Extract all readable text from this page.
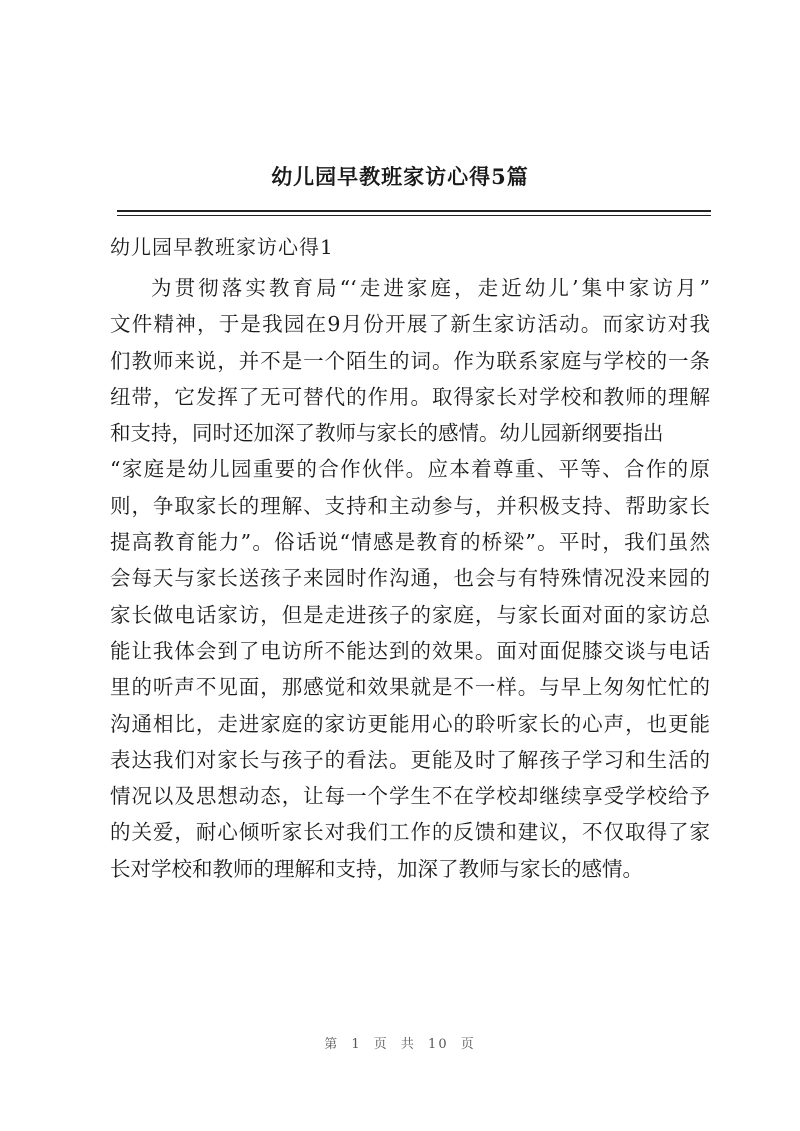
幼儿园早教班家访心得5篇
幼儿园早教班家访心得1
为贯彻落实教育局“‘走进家庭，走近幼儿’集中家访月”
文件精神，于是我园在9月份开展了新生家访活动。而家访对我
们教师来说，并不是一个陌生的词。作为联系家庭与学校的一条
纽带，它发挥了无可替代的作用。取得家长对学校和教师的理解
和支持，同时还加深了教师与家长的感情。幼儿园新纲要指出
“家庭是幼儿园重要的合作伙伴。应本着尊重、平等、合作的原
则，争取家长的理解、支持和主动参与，并积极支持、帮助家长
提高教育能力”。俗话说“情感是教育的桥梁”。平时，我们虽然
会每天与家长送孩子来园时作沟通，也会与有特殊情况没来园的
家长做电话家访，但是走进孩子的家庭，与家长面对面的家访总
能让我体会到了电访所不能达到的效果。面对面促膝交谈与电话
里的听声不见面，那感觉和效果就是不一样。与早上匆匆忙忙的
沟通相比，走进家庭的家访更能用心的聆听家长的心声，也更能
表达我们对家长与孩子的看法。更能及时了解孩子学习和生活的
情况以及思想动态，让每一个学生不在学校却继续享受学校给予
的关爱，耐心倾听家长对我们工作的反馈和建议，不仅取得了家
长对学校和教师的理解和支持，加深了教师与家长的感情。
第 1 页 共 10 页
